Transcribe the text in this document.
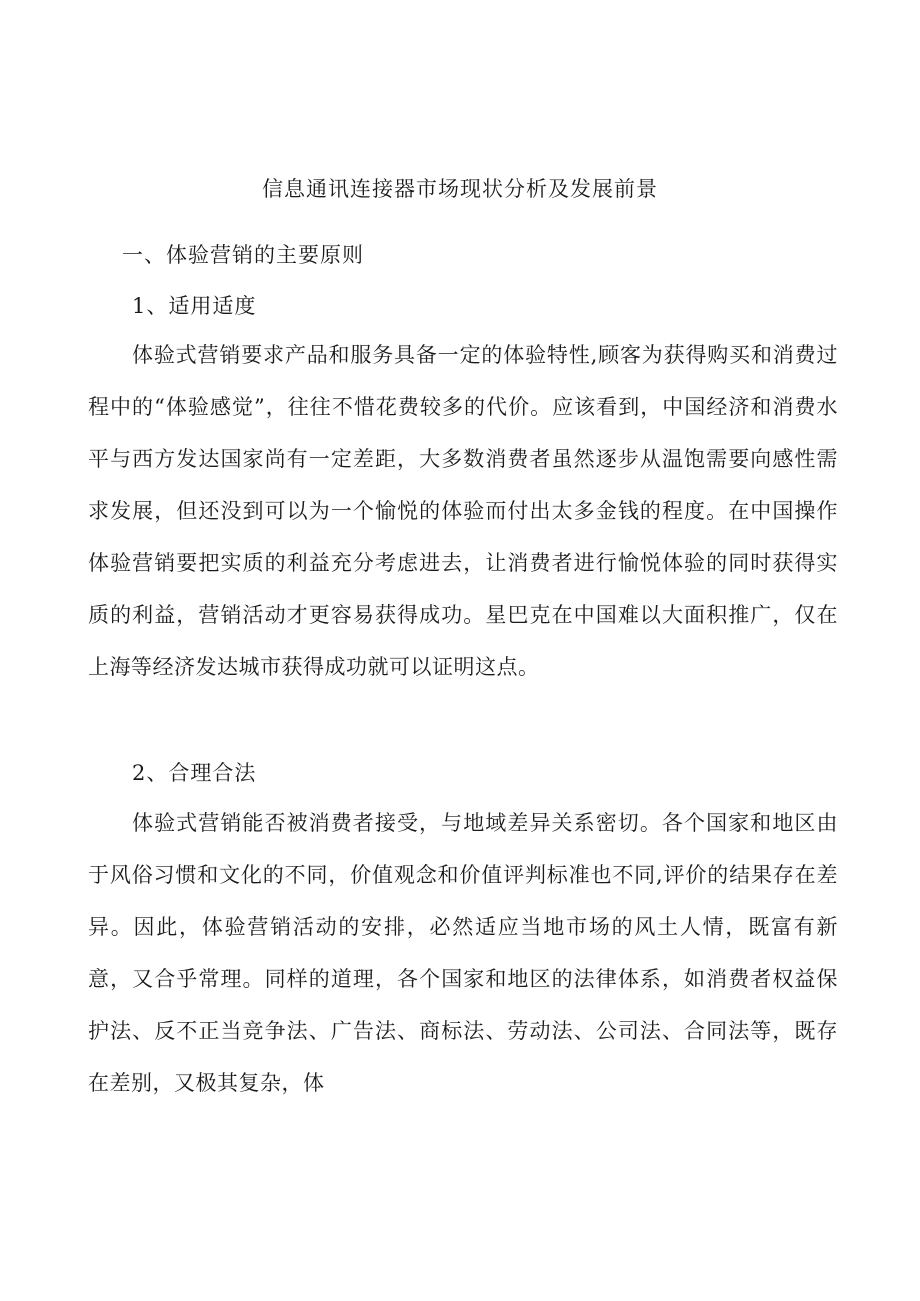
信息通讯连接器市场现状分析及发展前景
一、体验营销的主要原则
1、适用适度

体验式营销要求产品和服务具备一定的体验特性,顾客为获得购买和消费过程中的“体验感觉”，往往不惜花费较多的代价。应该看到，中国经济和消费水平与西方发达国家尚有一定差距，大多数消费者虽然逐步从温饱需要向感性需求发展，但还没到可以为一个愉悦的体验而付出太多金钱的程度。在中国操作体验营销要把实质的利益充分考虑进去，让消费者进行愉悦体验的同时获得实质的利益，营销活动才更容易获得成功。星巴克在中国难以大面积推广，仅在上海等经济发达城市获得成功就可以证明这点。

2、合理合法

体验式营销能否被消费者接受，与地域差异关系密切。各个国家和地区由于风俗习惯和文化的不同，价值观念和价值评判标准也不同,评价的结果存在差异。因此，体验营销活动的安排，必然适应当地市场的风土人情，既富有新意，又合乎常理。同样的道理，各个国家和地区的法律体系，如消费者权益保护法、反不正当竞争法、广告法、商标法、劳动法、公司法、合同法等，既存在差别，又极其复杂，体
